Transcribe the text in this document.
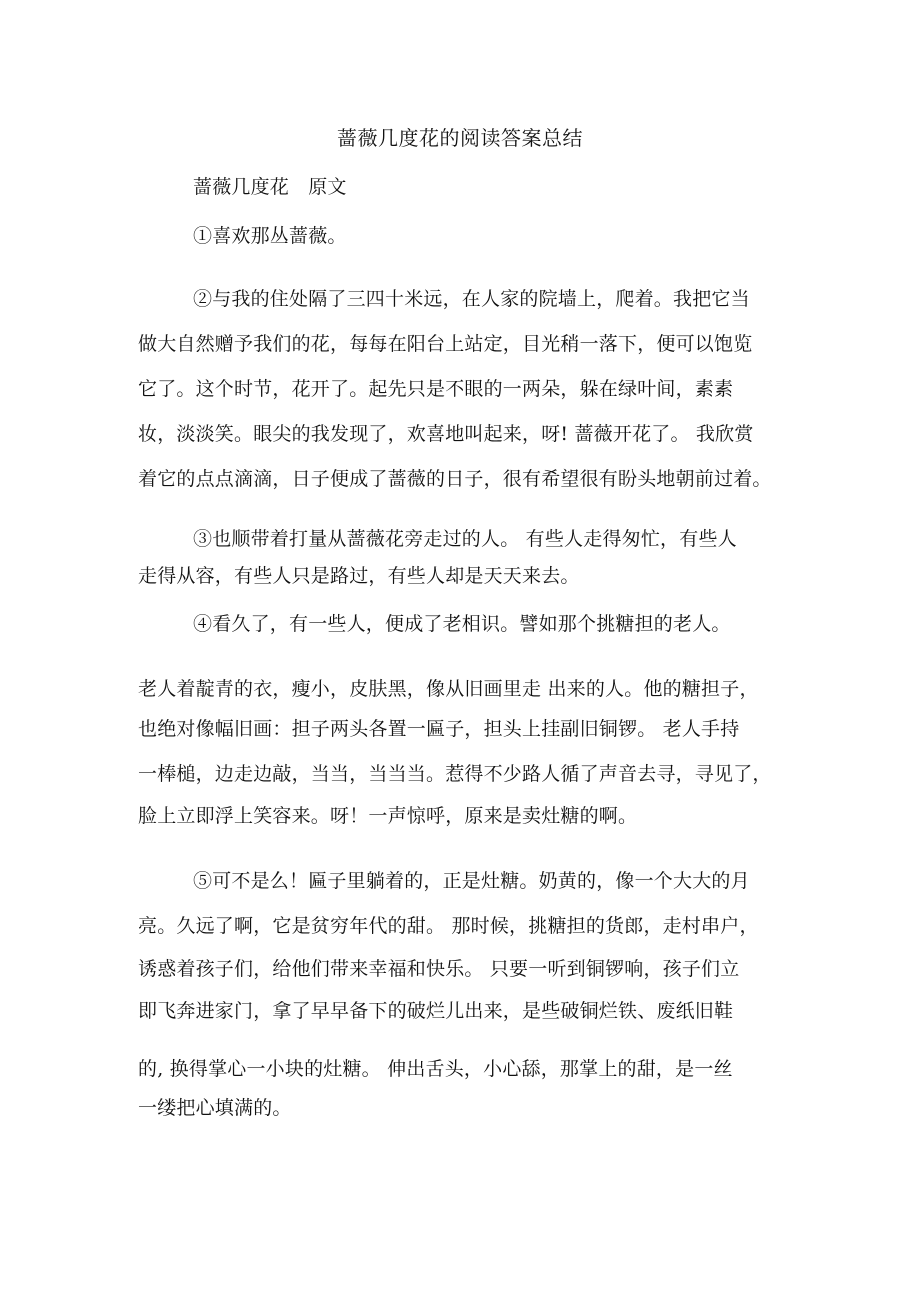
蔷薇几度花的阅读答案总结
蔷薇几度花　原文
①喜欢那丛蔷薇。
②与我的住处隔了三四十米远，在人家的院墙上，爬着。我把它当
做大自然赠予我们的花，每每在阳台上站定，目光稍一落下，便可以饱览
它了。这个时节，花开了。起先只是不眼的一两朵，躲在绿叶间，素素
妆，淡淡笑。眼尖的我发现了，欢喜地叫起来，呀! 蔷薇开花了。 我欣赏
着它的点点滴滴，日子便成了蔷薇的日子，很有希望很有盼头地朝前过着。
③也顺带着打量从蔷薇花旁走过的人。 有些人走得匆忙，有些人
走得从容，有些人只是路过，有些人却是天天来去。
④看久了，有一些人，便成了老相识。譬如那个挑糖担的老人。
老人着靛青的衣，瘦小，皮肤黑，像从旧画里走 出来的人。他的糖担子，
也绝对像幅旧画：担子两头各置一匾子，担头上挂副旧铜锣。 老人手持
一棒槌，边走边敲，当当，当当当。惹得不少路人循了声音去寻，寻见了，
脸上立即浮上笑容来。呀！一声惊呼，原来是卖灶糖的啊。
⑤可不是么！匾子里躺着的，正是灶糖。奶黄的，像一个大大的月
亮。久远了啊，它是贫穷年代的甜。 那时候，挑糖担的货郎，走村串户，
诱惑着孩子们，给他们带来幸福和快乐。 只要一听到铜锣响，孩子们立
即飞奔进家门，拿了早早备下的破烂儿出来，是些破铜烂铁、废纸旧鞋
的, 换得掌心一小块的灶糖。 伸出舌头，小心舔，那掌上的甜，是一丝
一缕把心填满的。
